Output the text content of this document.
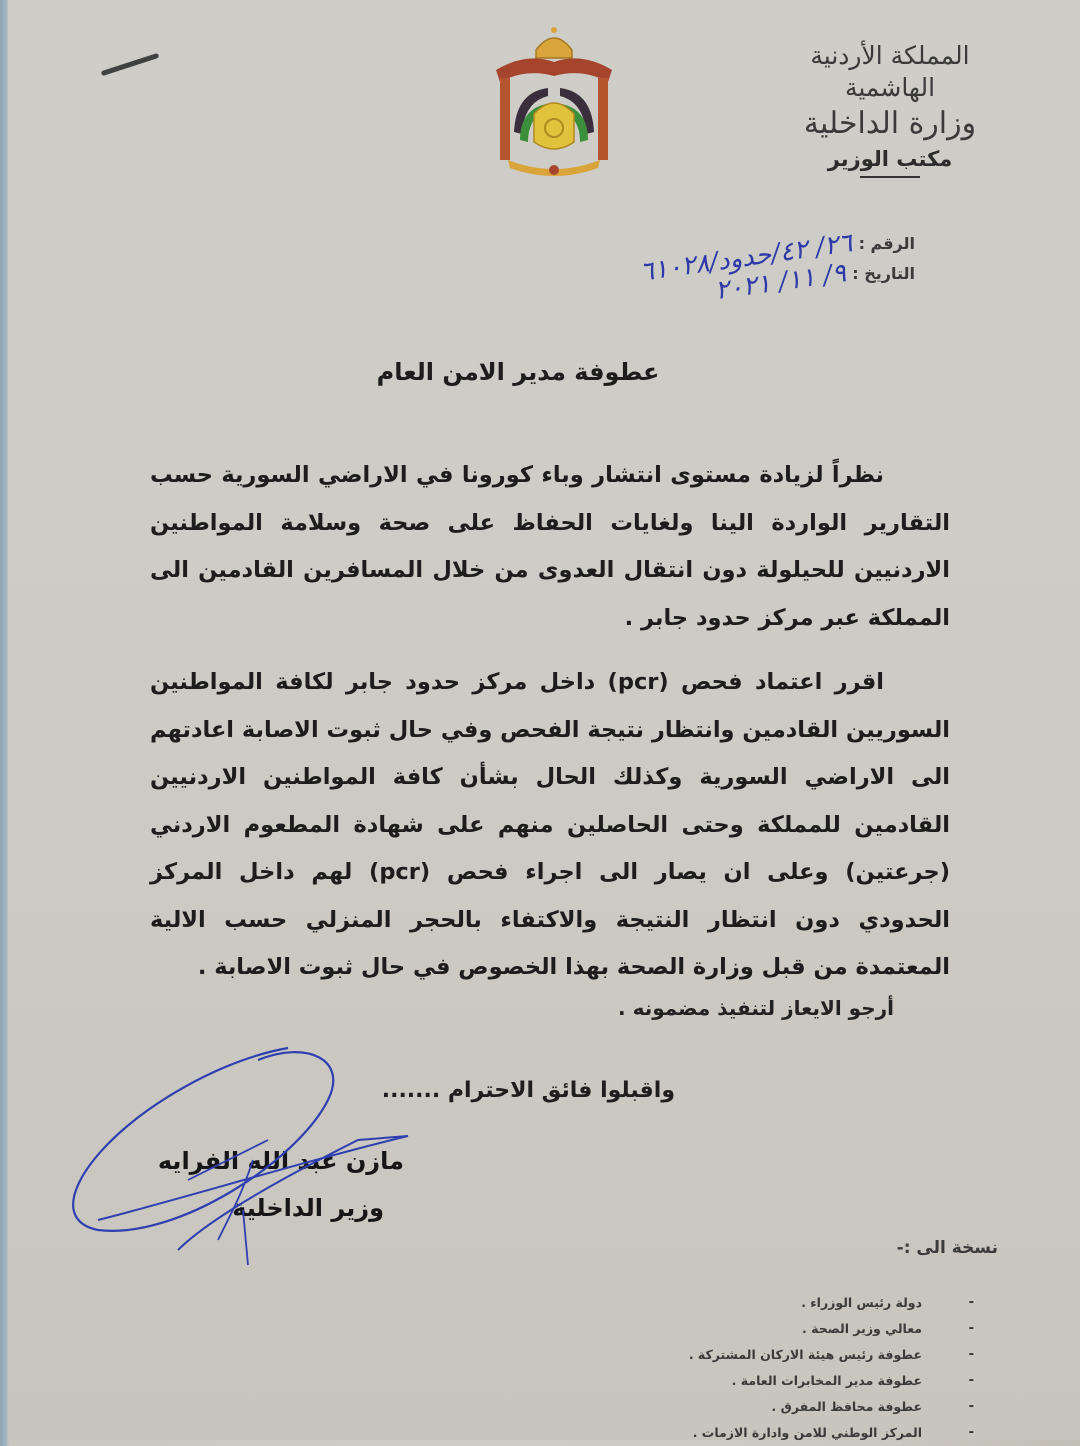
المملكة الأردنية الهاشمية
وزارة الداخلية
مكتب الوزير
الرقم :
٢٦/ ٤٢/حدود/٦١٠٢٨
التاريخ :
٩/ ١١/ ٢٠٢١
عطوفة مدير الامن العام
نظراً لزيادة مستوى انتشار وباء كورونا في الاراضي السورية حسب التقارير الواردة الينا ولغايات الحفاظ على صحة وسلامة المواطنين الاردنيين للحيلولة دون انتقال العدوى من خلال المسافرين القادمين الى المملكة عبر مركز حدود جابر .
اقرر اعتماد فحص (pcr) داخل مركز حدود جابر لكافة المواطنين السوريين القادمين وانتظار نتيجة الفحص وفي حال ثبوت الاصابة اعادتهم الى الاراضي السورية وكذلك الحال بشأن كافة المواطنين الاردنيين القادمين للمملكة وحتى الحاصلين منهم على شهادة المطعوم الاردني (جرعتين) وعلى ان يصار الى اجراء فحص (pcr) لهم داخل المركز الحدودي دون انتظار النتيجة والاكتفاء بالحجر المنزلي حسب الالية المعتمدة من قبل وزارة الصحة بهذا الخصوص في حال ثبوت الاصابة .
أرجو الايعاز لتنفيذ مضمونه .
واقبلوا فائق الاحترام .......
مازن عبد الله الفرايه
وزير الداخلية
نسخة الى :-
-
دولة رئيس الوزراء .
-
معالي وزير الصحة .
-
عطوفة رئيس هيئة الاركان المشتركة .
-
عطوفة مدير المخابرات العامة .
-
عطوفة محافظ المفرق .
-
المركز الوطني للامن وادارة الازمات .
